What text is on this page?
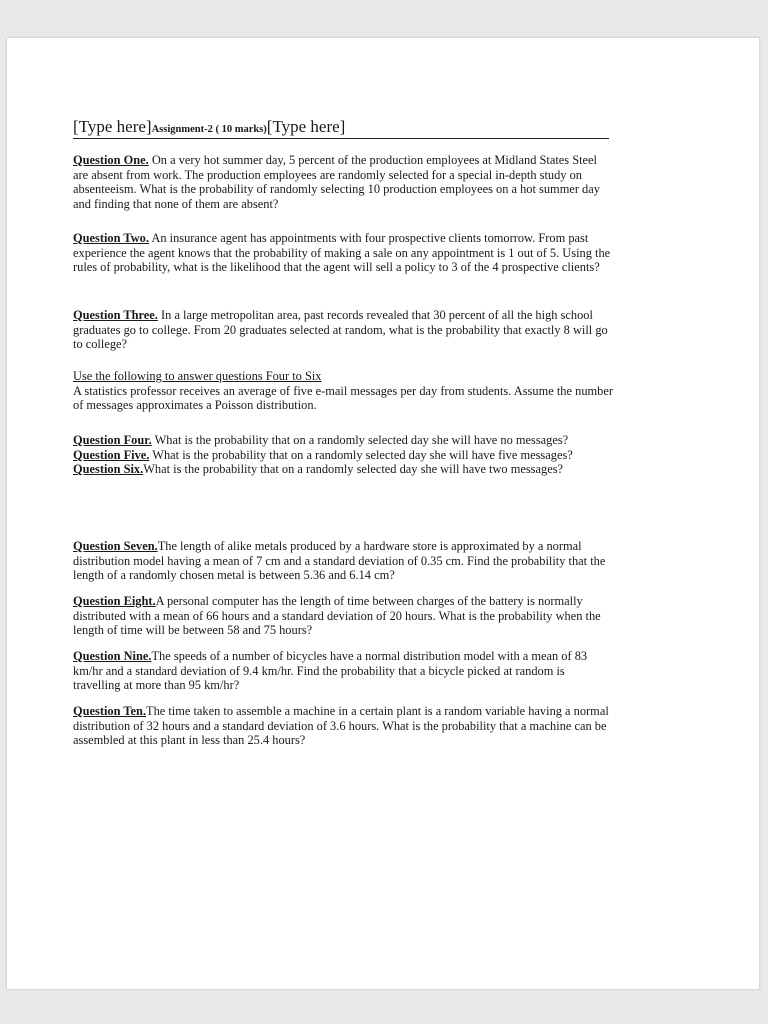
[Type here]Assignment-2 ( 10 marks)[Type here]
Question One. On a very hot summer day, 5 percent of the production employees at Midland States Steel are absent from work. The production employees are randomly selected for a special in-depth study on absenteeism. What is the probability of randomly selecting 10 production employees on a hot summer day and finding that none of them are absent?
Question Two. An insurance agent has appointments with four prospective clients tomorrow. From past experience the agent knows that the probability of making a sale on any appointment is 1 out of 5. Using the rules of probability, what is the likelihood that the agent will sell a policy to 3 of the 4 prospective clients?
Question Three. In a large metropolitan area, past records revealed that 30 percent of all the high school graduates go to college. From 20 graduates selected at random, what is the probability that exactly 8 will go to college?
Use the following to answer questions Four to Six
A statistics professor receives an average of five e-mail messages per day from students. Assume the number of messages approximates a Poisson distribution.
Question Four. What is the probability that on a randomly selected day she will have no messages?
Question Five. What is the probability that on a randomly selected day she will have five messages?
Question Six.What is the probability that on a randomly selected day she will have two messages?
Question Seven.The length of alike metals produced by a hardware store is approximated by a normal distribution model having a mean of 7 cm and a standard deviation of 0.35 cm. Find the probability that the length of a randomly chosen metal is between 5.36 and 6.14 cm?
Question Eight.A personal computer has the length of time between charges of the battery is normally distributed with a mean of 66 hours and a standard deviation of 20 hours. What is the probability when the length of time will be between 58 and 75 hours?
Question Nine.The speeds of a number of bicycles have a normal distribution model with a mean of 83 km/hr and a standard deviation of 9.4 km/hr. Find the probability that a bicycle picked at random is travelling at more than 95 km/hr?
Question Ten.The time taken to assemble a machine in a certain plant is a random variable having a normal distribution of 32 hours and a standard deviation of 3.6 hours. What is the probability that a machine can be assembled at this plant in less than 25.4 hours?
